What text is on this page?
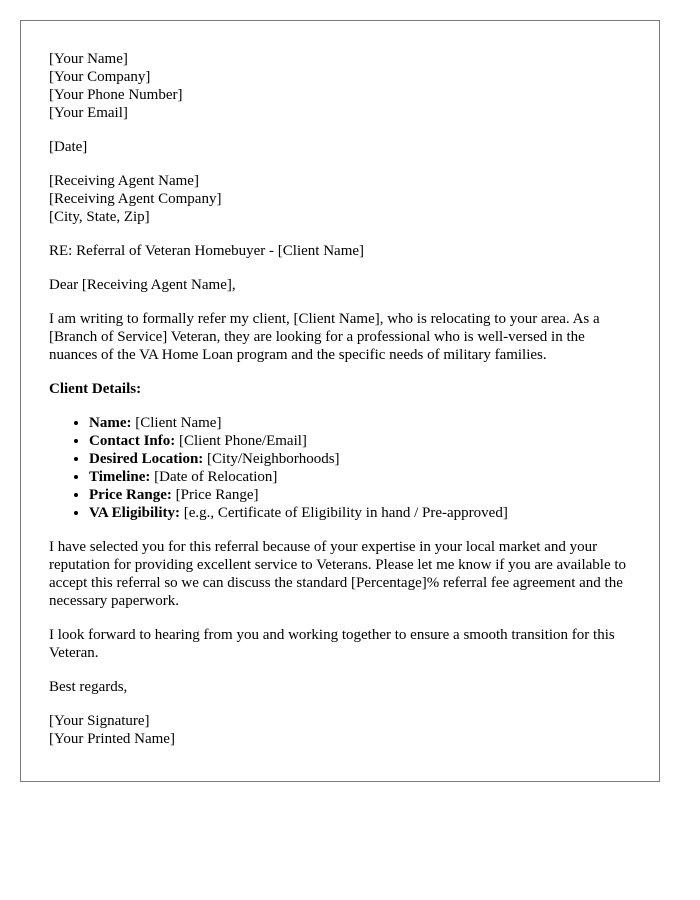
[Your Name]
[Your Company]
[Your Phone Number]
[Your Email]
[Date]
[Receiving Agent Name]
[Receiving Agent Company]
[City, State, Zip]

RE: Referral of Veteran Homebuyer - [Client Name]

Dear [Receiving Agent Name],

I am writing to formally refer my client, [Client Name], who is relocating to your area. As a [Branch of Service] Veteran, they are looking for a professional who is well-versed in the nuances of the VA Home Loan program and the specific needs of military families.

Client Details:
• Name: [Client Name]
• Contact Info: [Client Phone/Email]
• Desired Location: [City/Neighborhoods]
• Timeline: [Date of Relocation]
• Price Range: [Price Range]
• VA Eligibility: [e.g., Certificate of Eligibility in hand / Pre-approved]

I have selected you for this referral because of your expertise in your local market and your reputation for providing excellent service to Veterans. Please let me know if you are available to accept this referral so we can discuss the standard [Percentage]% referral fee agreement and the necessary paperwork.

I look forward to hearing from you and working together to ensure a smooth transition for this Veteran.

Best regards,

[Your Signature]
[Your Printed Name]
